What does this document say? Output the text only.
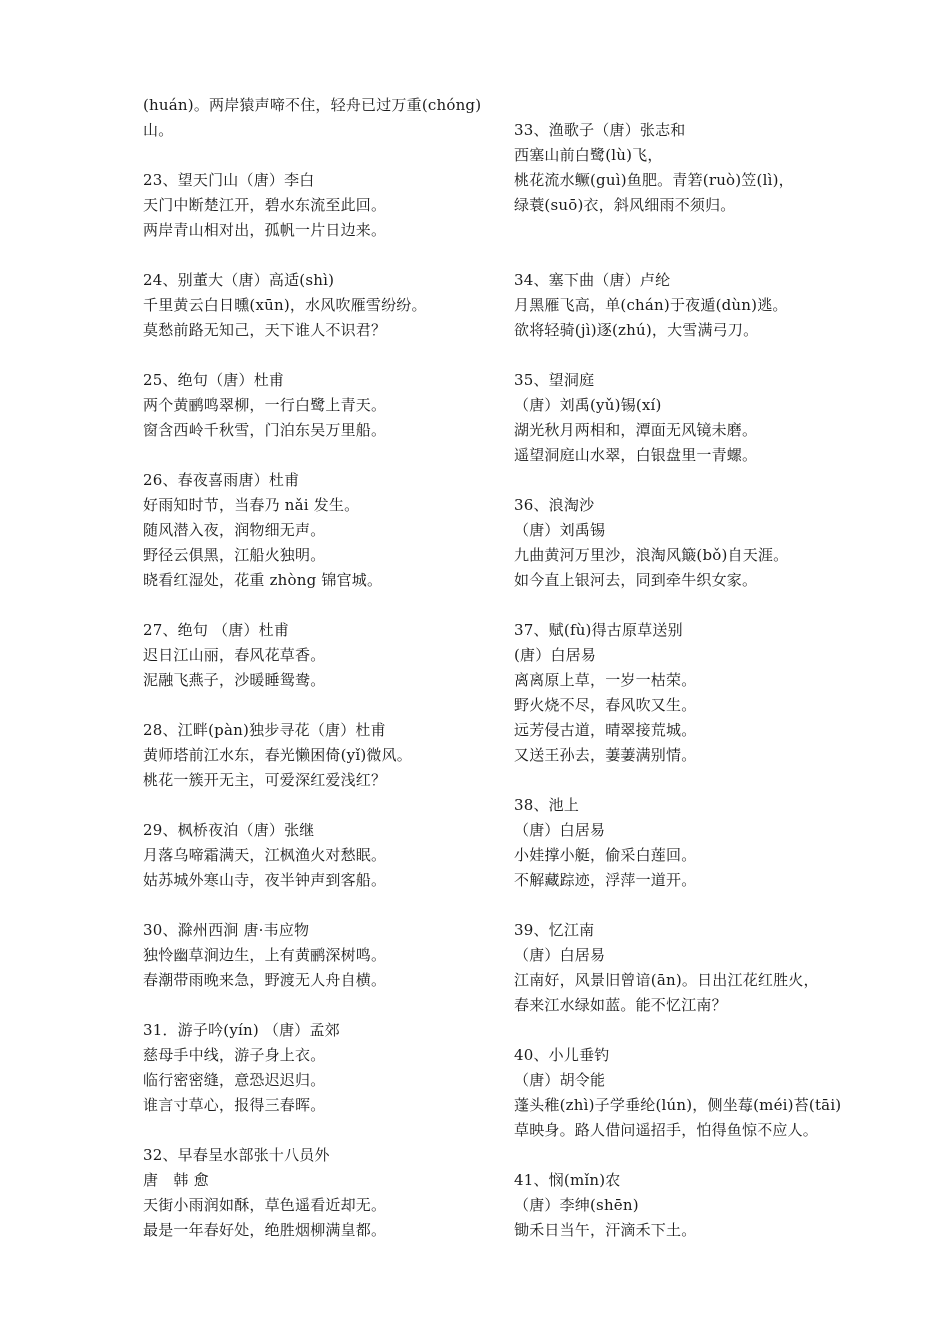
(huán)。两岸猿声啼不住，轻舟已过万重(chóng)
山。
23、望天门山（唐）李白
天门中断楚江开，碧水东流至此回。
两岸青山相对出，孤帆一片日边来。
24、别董大（唐）高适(shì)
千里黄云白日曛(xūn)，水风吹雁雪纷纷。
莫愁前路无知己，天下谁人不识君？
25、绝句（唐）杜甫
两个黄鹂鸣翠柳，一行白鹭上青天。
窗含西岭千秋雪，门泊东吴万里船。
26、春夜喜雨唐）杜甫
好雨知时节，当春乃 nǎi 发生。
随风潜入夜，润物细无声。
野径云俱黑，江船火独明。
晓看红湿处，花重 zhòng 锦官城。
27、绝句 （唐）杜甫
迟日江山丽，春风花草香。
泥融飞燕子，沙暖睡鸳鸯。
28、江畔(pàn)独步寻花（唐）杜甫
黄师塔前江水东，春光懒困倚(yǐ)微风。
桃花一簇开无主，可爱深红爱浅红？
29、枫桥夜泊（唐）张继
月落乌啼霜满天，江枫渔火对愁眠。
姑苏城外寒山寺，夜半钟声到客船。
30、滁州西涧 唐·韦应物
独怜幽草涧边生，上有黄鹂深树鸣。
春潮带雨晚来急，野渡无人舟自横。
31．游子吟(yín) （唐）孟郊
慈母手中线，游子身上衣。
临行密密缝，意恐迟迟归。
谁言寸草心，报得三春晖。
32、早春呈水部张十八员外
唐　韩 愈
天街小雨润如酥，草色遥看近却无。
最是一年春好处，绝胜烟柳满皇都。
33、渔歌子（唐）张志和
西塞山前白鹭(lù)飞，
桃花流水鳜(guì)鱼肥。青箬(ruò)笠(lì)，
绿蓑(suō)衣，斜风细雨不须归。
34、塞下曲（唐）卢纶
月黑雁飞高，单(chán)于夜遁(dùn)逃。
欲将轻骑(jì)逐(zhú)，大雪满弓刀。
35、望洞庭
（唐）刘禹(yǔ)锡(xí)
湖光秋月两相和，潭面无风镜未磨。
遥望洞庭山水翠，白银盘里一青螺。
36、浪淘沙
（唐）刘禹锡
九曲黄河万里沙，浪淘风簸(bǒ)自天涯。
如今直上银河去，同到牵牛织女家。
37、赋(fù)得古原草送别
(唐）白居易
离离原上草，一岁一枯荣。
野火烧不尽，春风吹又生。
远芳侵古道，晴翠接荒城。
又送王孙去，萋萋满别情。
38、池上
（唐）白居易
小娃撑小艇，偷采白莲回。
不解藏踪迹，浮萍一道开。
39、忆江南
（唐）白居易
江南好，风景旧曾谙(ān)。日出江花红胜火，
春来江水绿如蓝。能不忆江南？
40、小儿垂钓
（唐）胡令能
蓬头稚(zhì)子学垂纶(lún)，侧坐莓(méi)苔(tāi)
草映身。路人借问遥招手，怕得鱼惊不应人。
41、悯(mǐn)农
（唐）李绅(shēn)
锄禾日当午，汗滴禾下土。
